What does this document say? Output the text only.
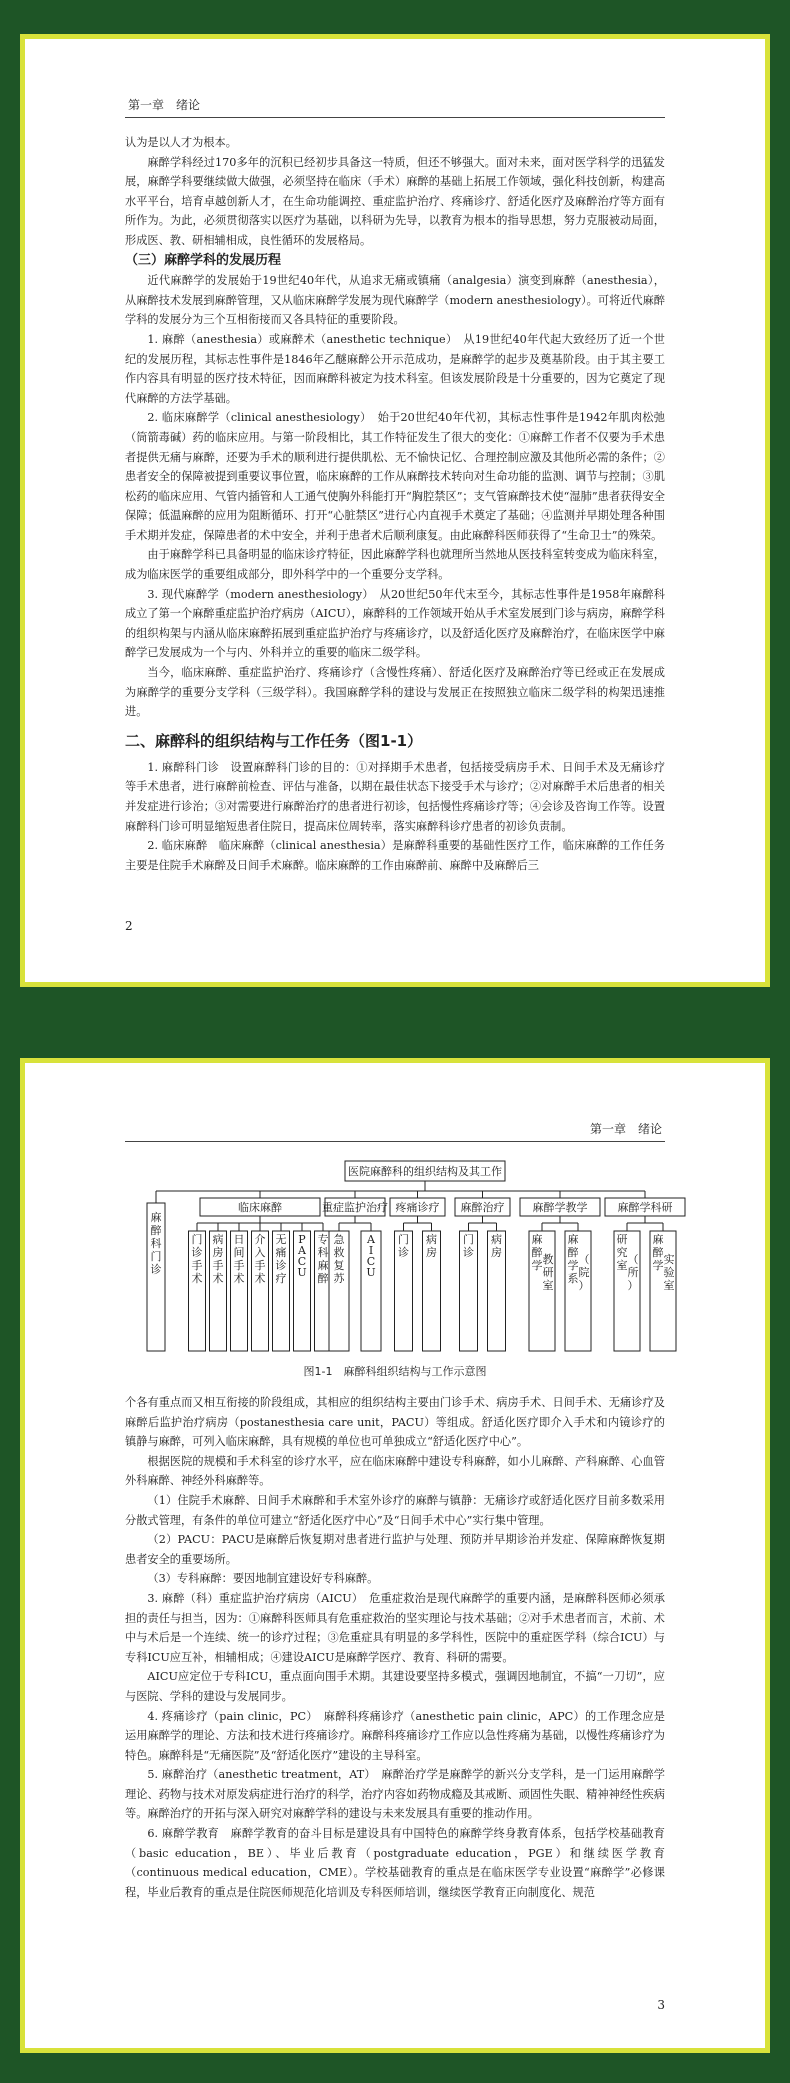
第一章　绪论

认为是以人才为根本。

麻醉学科经过170多年的沉积已经初步具备这一特质，但还不够强大。面对未来，面对医学科学的迅猛发展，麻醉学科要继续做大做强，必须坚持在临床（手术）麻醉的基础上拓展工作领域，强化科技创新，构建高水平平台，培育卓越创新人才，在生命功能调控、重症监护治疗、疼痛诊疗、舒适化医疗及麻醉治疗等方面有所作为。为此，必须贯彻落实以医疗为基础，以科研为先导，以教育为根本的指导思想，努力克服被动局面，形成医、教、研相辅相成，良性循环的发展格局。

（三）麻醉学科的发展历程

近代麻醉学的发展始于19世纪40年代，从追求无痛或镇痛（analgesia）演变到麻醉（anesthesia），从麻醉技术发展到麻醉管理，又从临床麻醉学发展为现代麻醉学（modern anesthesiology）。可将近代麻醉学科的发展分为三个互相衔接而又各具特征的重要阶段。

1. 麻醉（anesthesia）或麻醉术（anesthetic technique）　从19世纪40年代起大致经历了近一个世纪的发展历程，其标志性事件是1846年乙醚麻醉公开示范成功，是麻醉学的起步及奠基阶段。由于其主要工作内容具有明显的医疗技术特征，因而麻醉科被定为技术科室。但该发展阶段是十分重要的，因为它奠定了现代麻醉的方法学基础。

2. 临床麻醉学（clinical anesthesiology）　始于20世纪40年代初，其标志性事件是1942年肌肉松弛（筒箭毒碱）药的临床应用。与第一阶段相比，其工作特征发生了很大的变化：①麻醉工作者不仅要为手术患者提供无痛与麻醉，还要为手术的顺利进行提供肌松、无不愉快记忆、合理控制应激及其他所必需的条件；②患者安全的保障被提到重要议事位置，临床麻醉的工作从麻醉技术转向对生命功能的监测、调节与控制；③肌松药的临床应用、气管内插管和人工通气使胸外科能打开“胸腔禁区”；支气管麻醉技术使“湿肺”患者获得安全保障；低温麻醉的应用为阻断循环、打开“心脏禁区”进行心内直视手术奠定了基础；④监测并早期处理各种围手术期并发症，保障患者的术中安全，并利于患者术后顺利康复。由此麻醉科医师获得了“生命卫士”的殊荣。

由于麻醉学科已具备明显的临床诊疗特征，因此麻醉学科也就理所当然地从医技科室转变成为临床科室，成为临床医学的重要组成部分，即外科学中的一个重要分支学科。

3. 现代麻醉学（modern anesthesiology）　从20世纪50年代末至今，其标志性事件是1958年麻醉科成立了第一个麻醉重症监护治疗病房（AICU），麻醉科的工作领域开始从手术室发展到门诊与病房，麻醉学科的组织构架与内涵从临床麻醉拓展到重症监护治疗与疼痛诊疗，以及舒适化医疗及麻醉治疗，在临床医学中麻醉学已发展成为一个与内、外科并立的重要的临床二级学科。

当今，临床麻醉、重症监护治疗、疼痛诊疗（含慢性疼痛）、舒适化医疗及麻醉治疗等已经或正在发展成为麻醉学的重要分支学科（三级学科）。我国麻醉学科的建设与发展正在按照独立临床二级学科的构架迅速推进。

二、麻醉科的组织结构与工作任务（图1-1）

1. 麻醉科门诊　设置麻醉科门诊的目的：①对择期手术患者，包括接受病房手术、日间手术及无痛诊疗等手术患者，进行麻醉前检查、评估与准备，以期在最佳状态下接受手术与诊疗；②对麻醉手术后患者的相关并发症进行诊治；③对需要进行麻醉治疗的患者进行初诊，包括慢性疼痛诊疗等；④会诊及咨询工作等。设置麻醉科门诊可明显缩短患者住院日，提高床位周转率，落实麻醉科诊疗患者的初诊负责制。

2. 临床麻醉　临床麻醉（clinical anesthesia）是麻醉科重要的基础性医疗工作，临床麻醉的工作任务主要是住院手术麻醉及日间手术麻醉。临床麻醉的工作由麻醉前、麻醉中及麻醉后三

2
第一章　绪论
医院麻醉科的组织结构及其工作
麻醉科门诊
临床麻醉
门诊手术
病房手术
日间手术
介入手术
无痛诊疗
P A C U
专科麻醉
重症监护治疗
急救复苏
A I C U
疼痛诊疗
门诊
病房
麻醉治疗
门诊
病房
麻醉学教学
麻醉学 教研室
麻醉学系
（院）
麻醉学科研
研究室 （所）
麻醉学 实验室
图1-1　麻醉科组织结构与工作示意图

个各有重点而又相互衔接的阶段组成，其相应的组织结构主要由门诊手术、病房手术、日间手术、无痛诊疗及麻醉后监护治疗病房（postanesthesia care unit，PACU）等组成。舒适化医疗即介入手术和内镜诊疗的镇静与麻醉，可列入临床麻醉，具有规模的单位也可单独成立“舒适化医疗中心”。

根据医院的规模和手术科室的诊疗水平，应在临床麻醉中建设专科麻醉，如小儿麻醉、产科麻醉、心血管外科麻醉、神经外科麻醉等。

（1）住院手术麻醉、日间手术麻醉和手术室外诊疗的麻醉与镇静：无痛诊疗或舒适化医疗目前多数采用分散式管理，有条件的单位可建立“舒适化医疗中心”及“日间手术中心”实行集中管理。

（2）PACU：PACU是麻醉后恢复期对患者进行监护与处理、预防并早期诊治并发症、保障麻醉恢复期患者安全的重要场所。

（3）专科麻醉：要因地制宜建设好专科麻醉。

3. 麻醉（科）重症监护治疗病房（AICU）　危重症救治是现代麻醉学的重要内涵，是麻醉科医师必须承担的责任与担当，因为：①麻醉科医师具有危重症救治的坚实理论与技术基础；②对手术患者而言，术前、术中与术后是一个连续、统一的诊疗过程；③危重症具有明显的多学科性，医院中的重症医学科（综合ICU）与专科ICU应互补，相辅相成；④建设AICU是麻醉学医疗、教育、科研的需要。

AICU应定位于专科ICU，重点面向围手术期。其建设要坚持多模式，强调因地制宜，不搞“一刀切”，应与医院、学科的建设与发展同步。

4. 疼痛诊疗（pain clinic，PC）　麻醉科疼痛诊疗（anesthetic pain clinic，APC）的工作理念应是运用麻醉学的理论、方法和技术进行疼痛诊疗。麻醉科疼痛诊疗工作应以急性疼痛为基础，以慢性疼痛诊疗为特色。麻醉科是“无痛医院”及“舒适化医疗”建设的主导科室。

5. 麻醉治疗（anesthetic treatment，AT）　麻醉治疗学是麻醉学的新兴分支学科，是一门运用麻醉学理论、药物与技术对原发病症进行治疗的科学，治疗内容如药物成瘾及其戒断、顽固性失眠、精神神经性疾病等。麻醉治疗的开拓与深入研究对麻醉学科的建设与未来发展具有重要的推动作用。

6. 麻醉学教育　麻醉学教育的奋斗目标是建设具有中国特色的麻醉学终身教育体系，包括学校基础教育（basic education，BE）、毕业后教育（postgraduate education，PGE）和继续医学教育（continuous medical education，CME）。学校基础教育的重点是在临床医学专业设置“麻醉学”必修课程，毕业后教育的重点是住院医师规范化培训及专科医师培训，继续医学教育正向制度化、规范

3
